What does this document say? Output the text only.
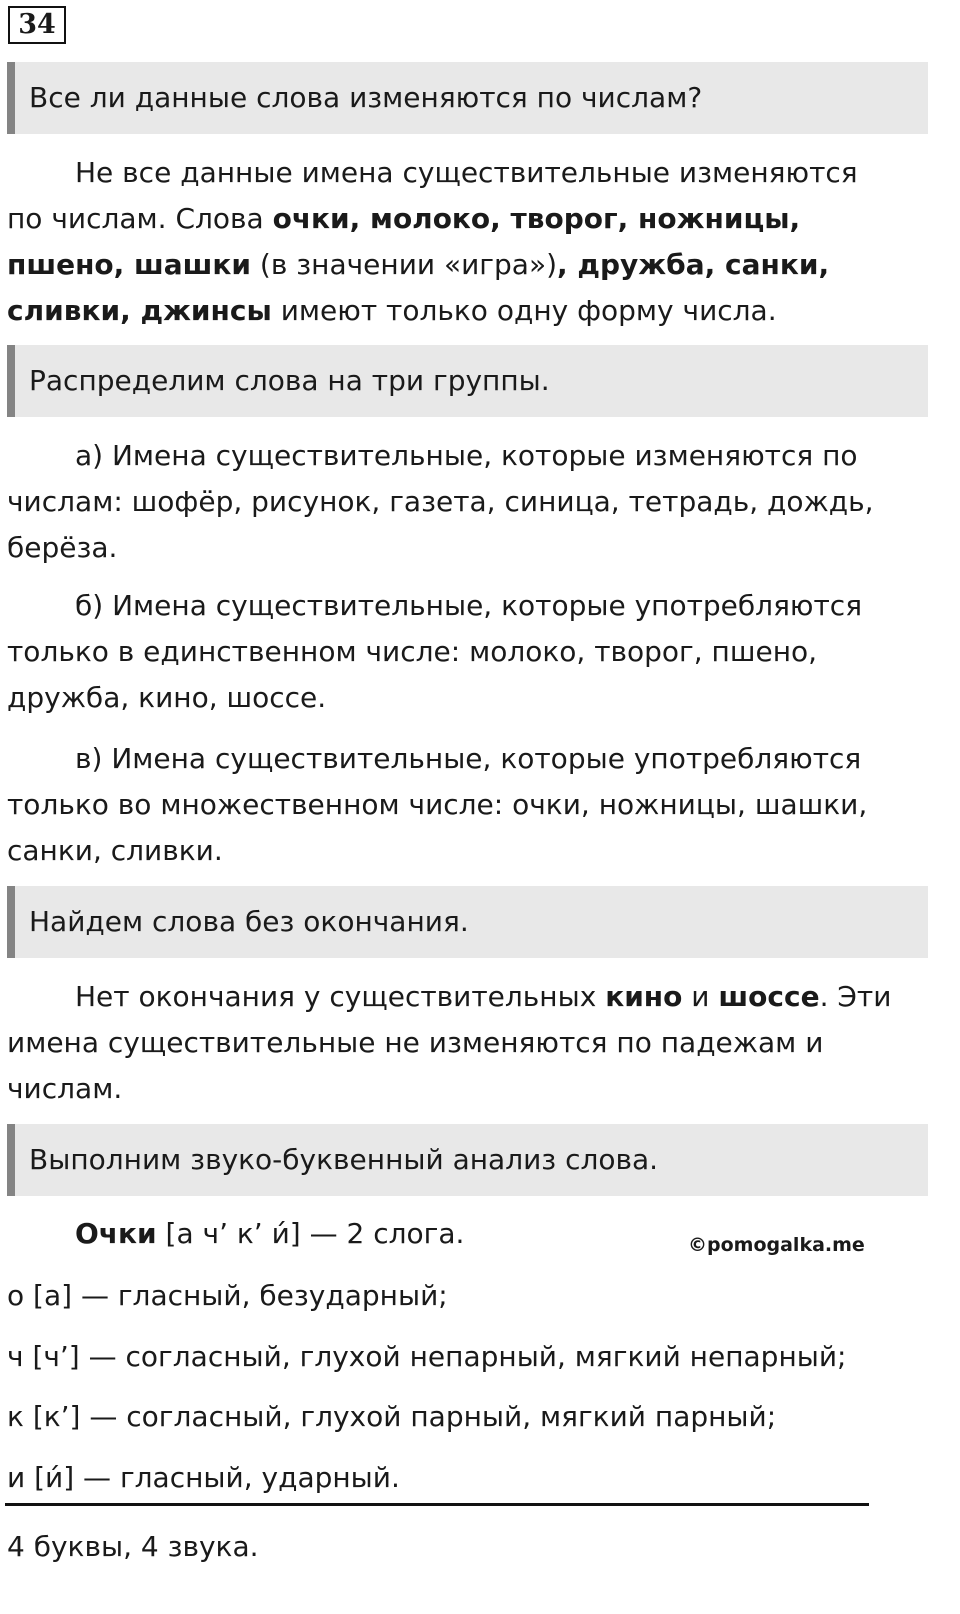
34
Все ли данные слова изменяются по числам?
Не все данные имена существительные изменяются
по числам. Слова очки, молоко, творог, ножницы,
пшено, шашки (в значении «игра»), дружба, санки,
сливки, джинсы имеют только одну форму числа.
Распределим слова на три группы.
а) Имена существительные, которые изменяются по
числам: шофёр, рисунок, газета, синица, тетрадь, дождь,
берёза.
б) Имена существительные, которые употребляются
только в единственном числе: молоко, творог, пшено,
дружба, кино, шоссе.
в) Имена существительные, которые употребляются
только во множественном числе: очки, ножницы, шашки,
санки, сливки.
Найдем слова без окончания.
Нет окончания у существительных кино и шоссе. Эти
имена существительные не изменяются по падежам и
числам.
Выполним звуко-буквенный анализ слова.
Очки [а ч’ к’ и́] — 2 слога.	©pomogalka.me
о [а] — гласный, безударный;
ч [ч’] — согласный, глухой непарный, мягкий непарный;
к [к’] — согласный, глухой парный, мягкий парный;
и [и́] — гласный, ударный.
4 буквы, 4 звука.
